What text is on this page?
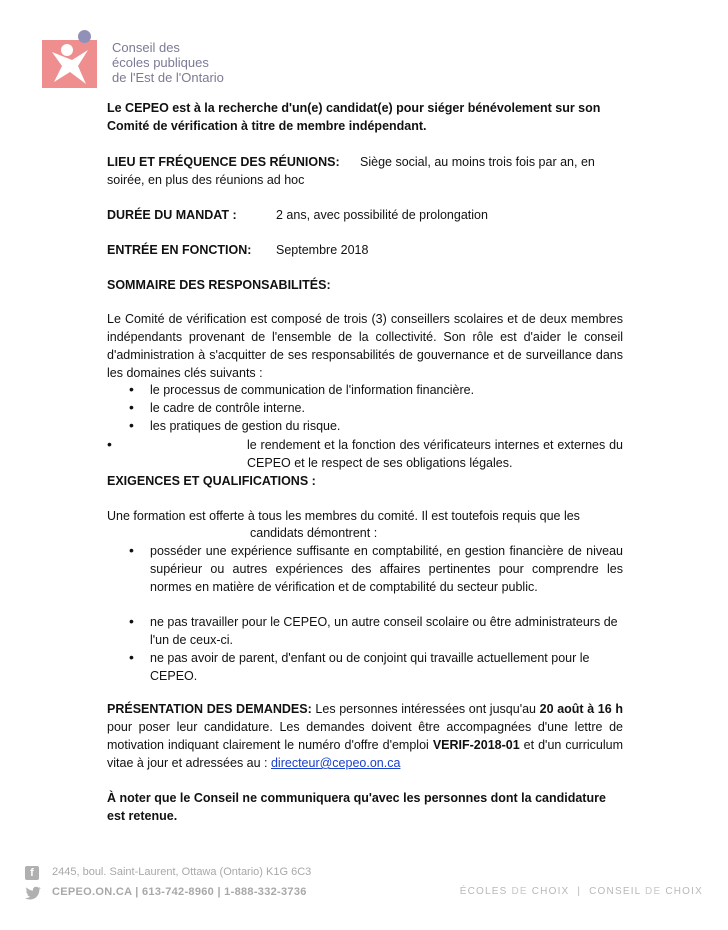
Conseil des
écoles publiques
de l'Est de l'Ontario
Le CEPEO est à la recherche d'un(e) candidat(e) pour siéger bénévolement sur son Comité de vérification à titre de membre indépendant.
LIEU ET FRÉQUENCE DES RÉUNIONS: Siège social, au moins trois fois par an, en
soirée, en plus des réunions ad hoc
DURÉE DU MANDAT :	2 ans, avec possibilité de prolongation
ENTRÉE EN FONCTION: Septembre 2018
SOMMAIRE DES RESPONSABILITÉS:
Le Comité de vérification est composé de trois (3) conseillers scolaires et de deux membres indépendants provenant de l'ensemble de la collectivité. Son rôle est d'aider le conseil d'administration à s'acquitter de ses responsabilités de gouvernance et de surveillance dans les domaines clés suivants :
• le processus de communication de l'information financière.
• le cadre de contrôle interne.
• les pratiques de gestion du risque.
•	le rendement et la fonction des vérificateurs internes et externes du CEPEO et le respect de ses obligations légales.
EXIGENCES ET QUALIFICATIONS :
Une formation est offerte à tous les membres du comité. Il est toutefois requis que les
candidats démontrent :
• posséder une expérience suffisante en comptabilité, en gestion financière de niveau supérieur ou autres expériences des affaires pertinentes pour comprendre les normes en matière de vérification et de comptabilité du secteur public.
• ne pas travailler pour le CEPEO, un autre conseil scolaire ou être administrateurs de l'un de ceux-ci.
• ne pas avoir de parent, d'enfant ou de conjoint qui travaille actuellement pour le CEPEO.
PRÉSENTATION DES DEMANDES: Les personnes intéressées ont jusqu'au 20 août à 16 h pour poser leur candidature. Les demandes doivent être accompagnées d'une lettre de motivation indiquant clairement le numéro d'offre d'emploi VERIF-2018-01 et d'un curriculum vitae à jour et adressées au : directeur@cepeo.on.ca
À noter que le Conseil ne communiquera qu'avec les personnes dont la candidature est retenue.
f	2445, boul. Saint-Laurent, Ottawa (Ontario) K1G 6C3
CEPEO.ON.CA | 613-742-8960 | 1-888-332-3736	ÉCOLES DE CHOIX  |  CONSEIL DE CHOIX
